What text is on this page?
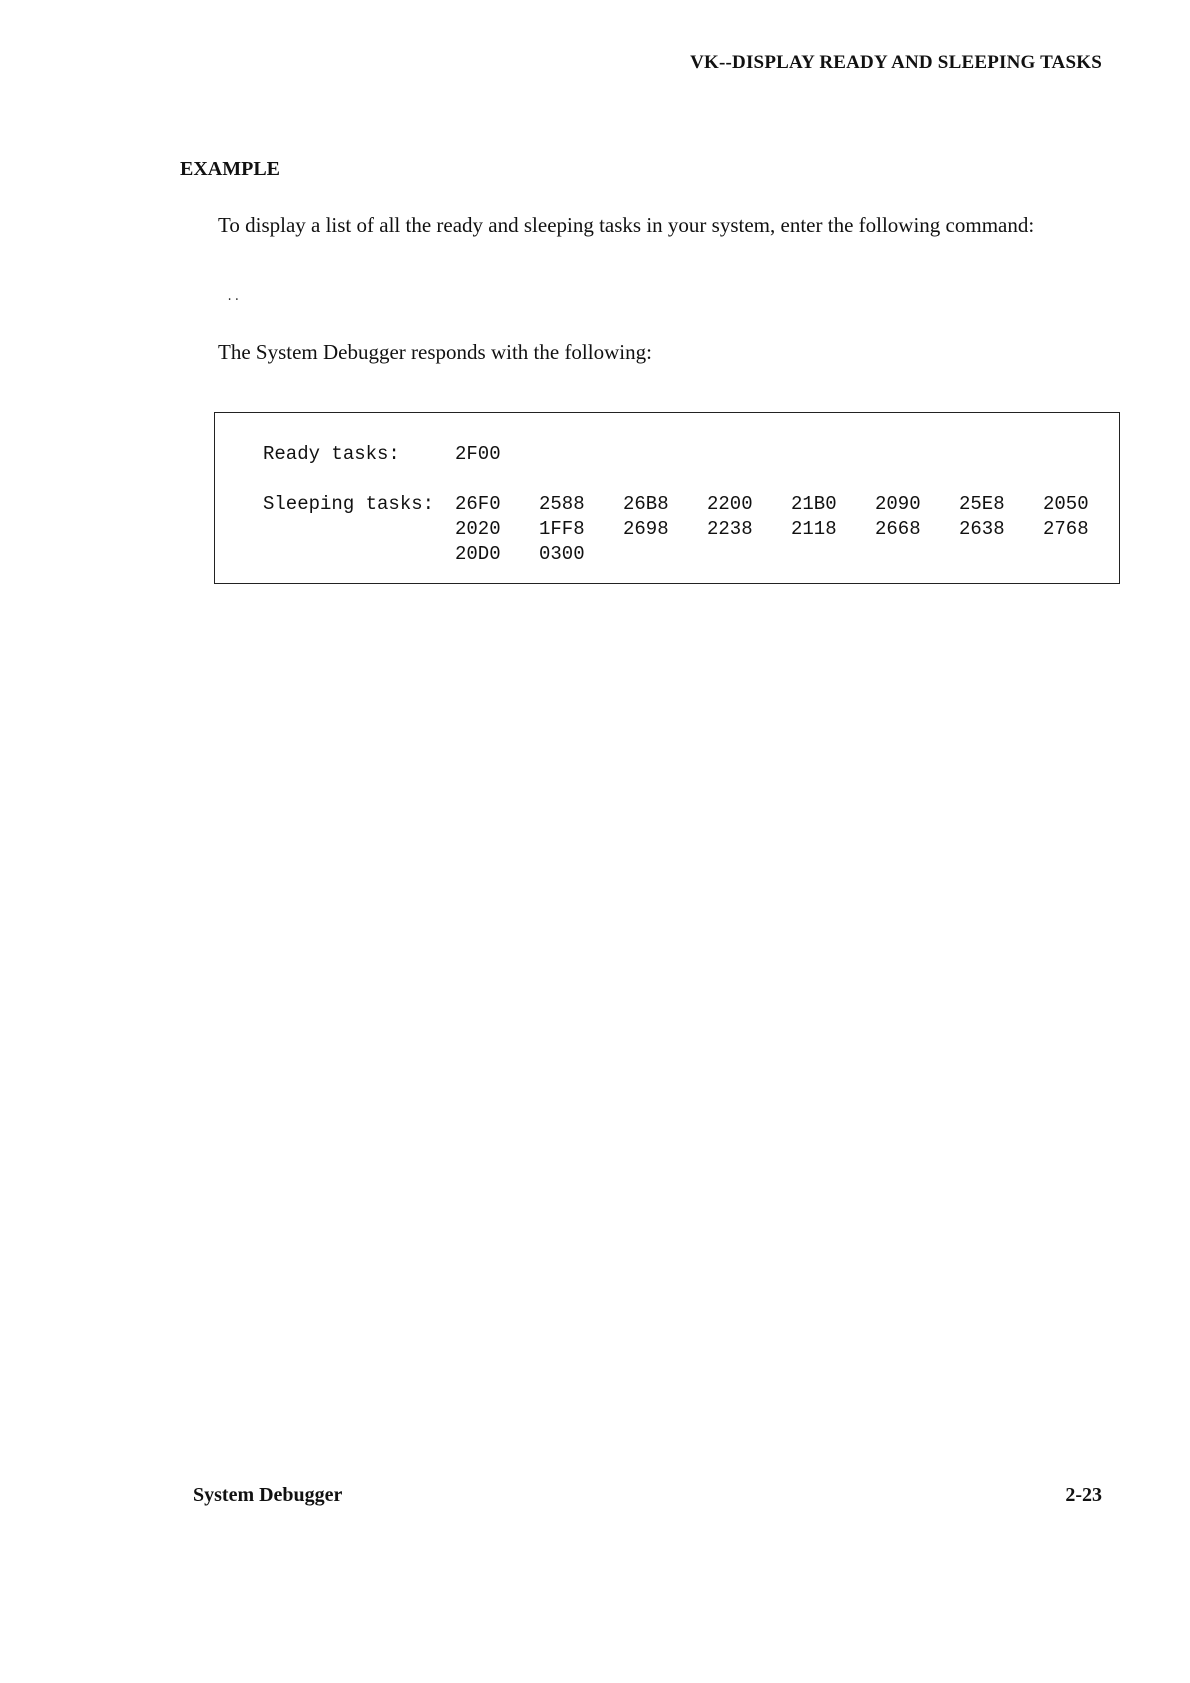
VK--DISPLAY READY AND SLEEPING TASKS
EXAMPLE

To display a list of all the ready and sleeping tasks in your system, enter the following command:

..

The System Debugger responds with the following:

Ready tasks:	2F00
Sleeping tasks: 26F0 2588 26B8 2200 21B0 2090 25E8 2050
2020 1FF8 2698 2238 2118 2668 2638 2768
20D0 0300
System Debugger	2-23
